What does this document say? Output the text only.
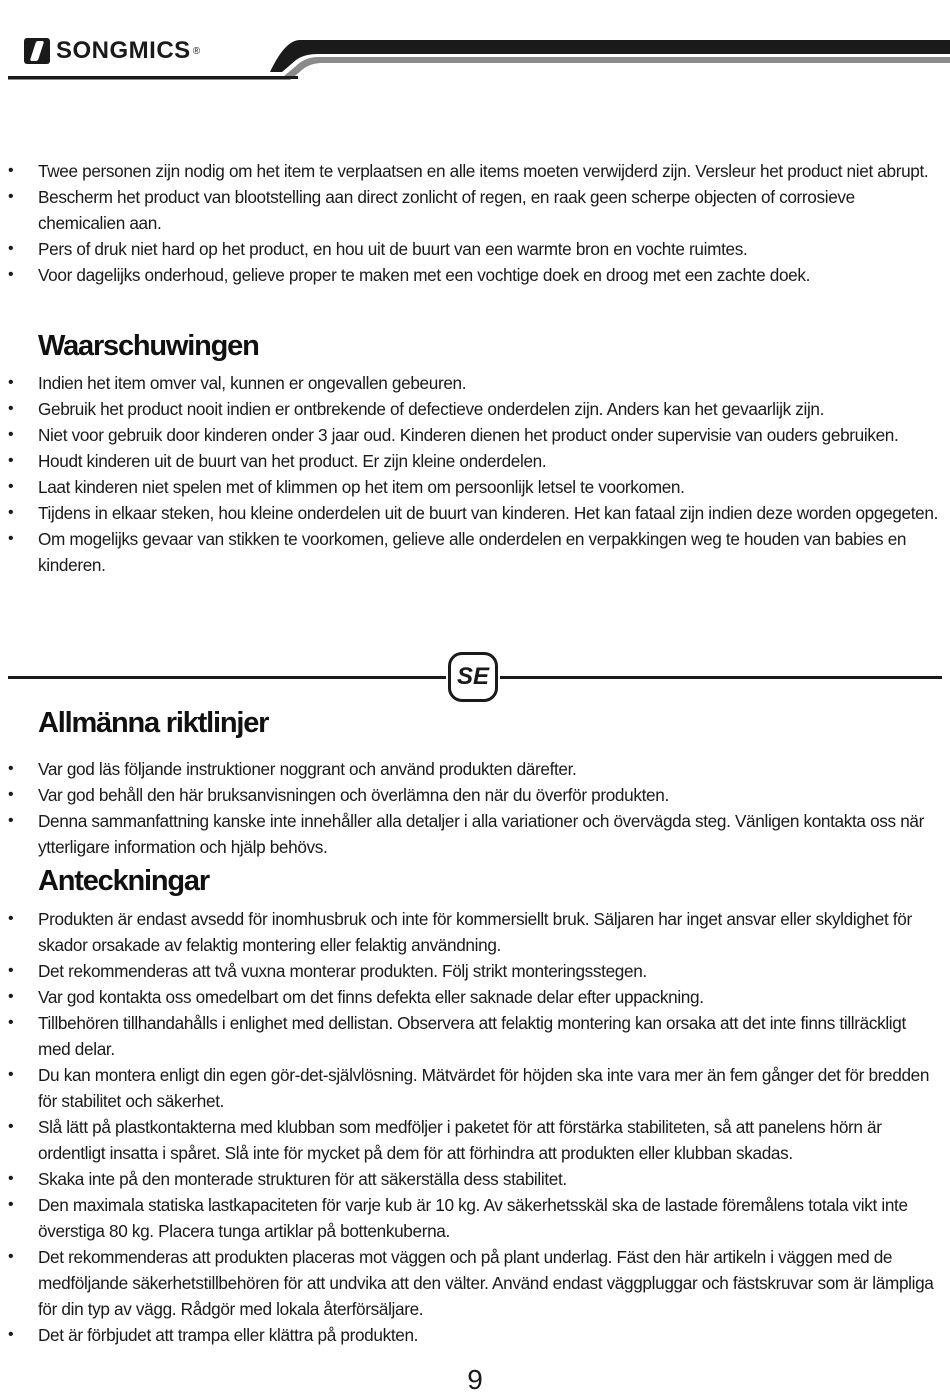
SONGMICS ®
• Twee personen zijn nodig om het item te verplaatsen en alle items moeten verwijderd zijn. Versleur het product niet abrupt.
• Bescherm het product van blootstelling aan direct zonlicht of regen, en raak geen scherpe objecten of corrosieve chemicalien aan.
• Pers of druk niet hard op het product, en hou uit de buurt van een warmte bron en vochte ruimtes.
• Voor dagelijks onderhoud, gelieve proper te maken met een vochtige doek en droog met een zachte doek.
Waarschuwingen
• Indien het item omver val, kunnen er ongevallen gebeuren.
• Gebruik het product nooit indien er ontbrekende of defectieve onderdelen zijn. Anders kan het gevaarlijk zijn.
• Niet voor gebruik door kinderen onder 3 jaar oud. Kinderen dienen het product onder supervisie van ouders gebruiken.
• Houdt kinderen uit de buurt van het product. Er zijn kleine onderdelen.
• Laat kinderen niet spelen met of klimmen op het item om persoonlijk letsel te voorkomen.
• Tijdens in elkaar steken, hou kleine onderdelen uit de buurt van kinderen. Het kan fataal zijn indien deze worden opgegeten.
• Om mogelijks gevaar van stikken te voorkomen, gelieve alle onderdelen en verpakkingen weg te houden van babies en kinderen.
SE
Allmänna riktlinjer
• Var god läs följande instruktioner noggrant och använd produkten därefter.
• Var god behåll den här bruksanvisningen och överlämna den när du överför produkten.
• Denna sammanfattning kanske inte innehåller alla detaljer i alla variationer och övervägda steg. Vänligen kontakta oss när ytterligare information och hjälp behövs.
Anteckningar
• Produkten är endast avsedd för inomhusbruk och inte för kommersiellt bruk. Säljaren har inget ansvar eller skyldighet för skador orsakade av felaktig montering eller felaktig användning.
• Det rekommenderas att två vuxna monterar produkten. Följ strikt monteringsstegen.
• Var god kontakta oss omedelbart om det finns defekta eller saknade delar efter uppackning.
• Tillbehören tillhandahålls i enlighet med dellistan. Observera att felaktig montering kan orsaka att det inte finns tillräckligt med delar.
• Du kan montera enligt din egen gör-det-självlösning. Mätvärdet för höjden ska inte vara mer än fem gånger det för bredden för stabilitet och säkerhet.
• Slå lätt på plastkontakterna med klubban som medföljer i paketet för att förstärka stabiliteten, så att panelens hörn är ordentligt insatta i spåret. Slå inte för mycket på dem för att förhindra att produkten eller klubban skadas.
• Skaka inte på den monterade strukturen för att säkerställa dess stabilitet.
• Den maximala statiska lastkapaciteten för varje kub är 10 kg. Av säkerhetsskäl ska de lastade föremålens totala vikt inte överstiga 80 kg. Placera tunga artiklar på bottenkuberna.
• Det rekommenderas att produkten placeras mot väggen och på plant underlag. Fäst den här artikeln i väggen med de medföljande säkerhetstillbehören för att undvika att den välter. Använd endast väggpluggar och fästskruvar som är lämpliga för din typ av vägg. Rådgör med lokala återförsäljare.
• Det är förbjudet att trampa eller klättra på produkten.
9
